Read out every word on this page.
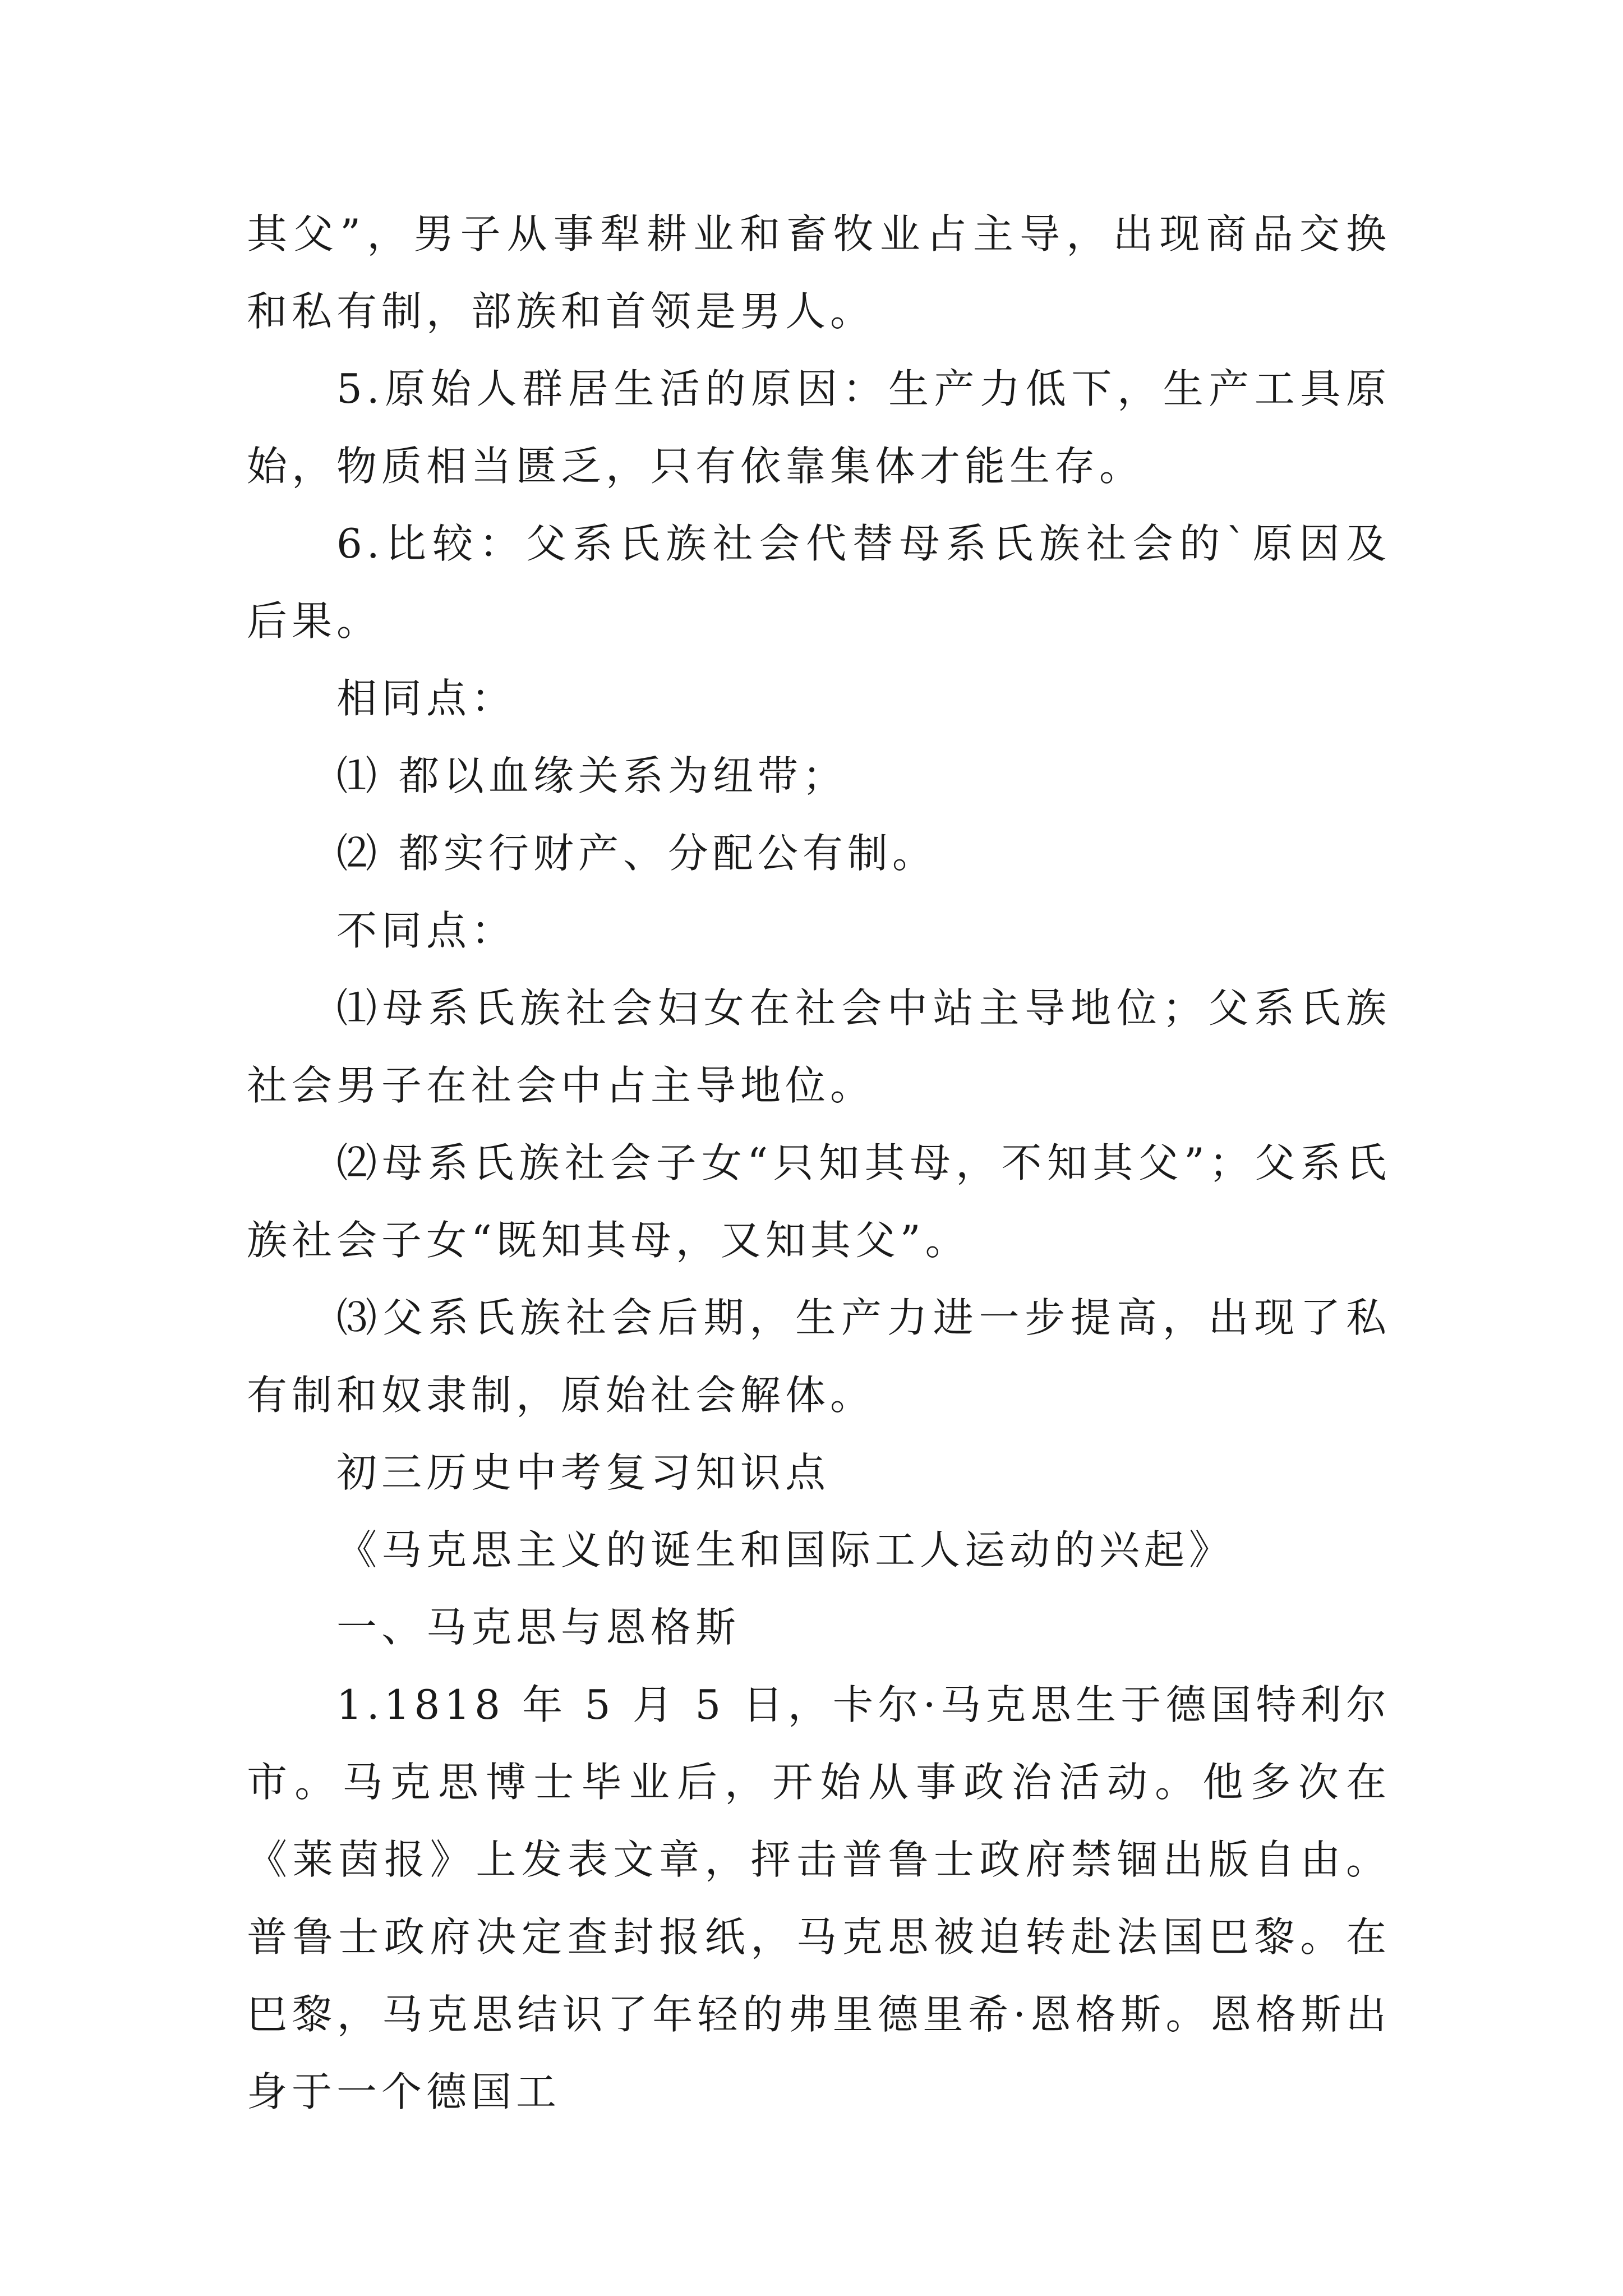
其父”，男子从事犁耕业和畜牧业占主导，出现商品交换和私有制，部族和首领是男人。

5.原始人群居生活的原因：生产力低下，生产工具原始，物质相当匮乏，只有依靠集体才能生存。

6.比较：父系氏族社会代替母系氏族社会的`原因及后果。

相同点：

⑴ 都以血缘关系为纽带；

⑵ 都实行财产、分配公有制。

不同点：

⑴母系氏族社会妇女在社会中站主导地位；父系氏族社会男子在社会中占主导地位。

⑵母系氏族社会子女“只知其母，不知其父”；父系氏族社会子女“既知其母，又知其父”。

⑶父系氏族社会后期，生产力进一步提高，出现了私有制和奴隶制，原始社会解体。

初三历史中考复习知识点

《马克思主义的诞生和国际工人运动的兴起》

一、马克思与恩格斯

1.1818 年 5 月 5 日，卡尔·马克思生于德国特利尔市。马克思博士毕业后，开始从事政治活动。他多次在《莱茵报》上发表文章，抨击普鲁士政府禁锢出版自由。普鲁士政府决定查封报纸，马克思被迫转赴法国巴黎。在巴黎，马克思结识了年轻的弗里德里希·恩格斯。恩格斯出身于一个德国工
